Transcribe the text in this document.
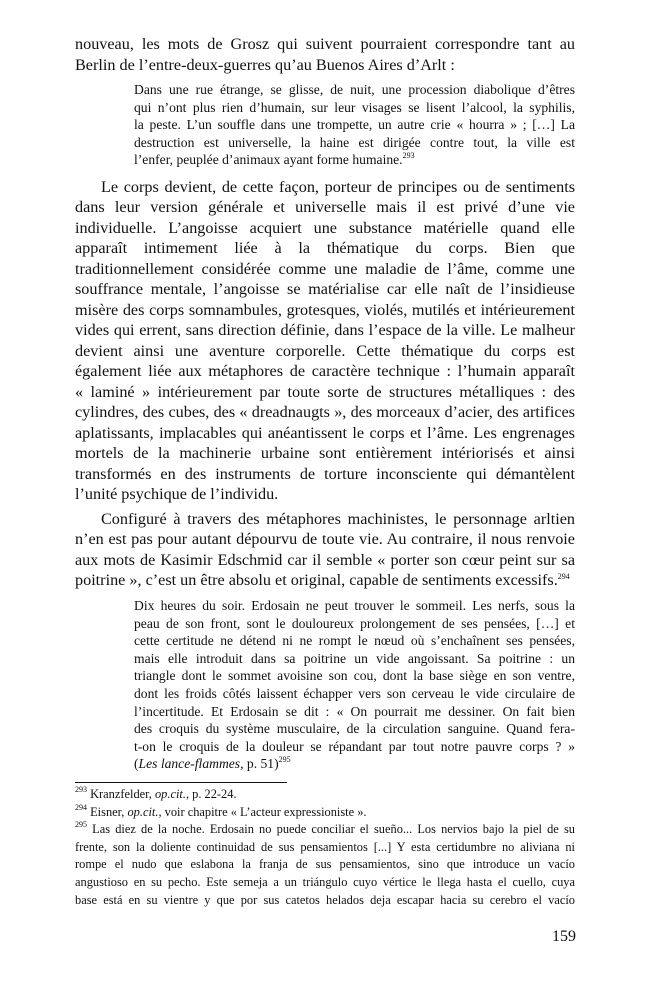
nouveau, les mots de Grosz qui suivent pourraient correspondre tant au
Berlin de l’entre-deux-guerres qu’au Buenos Aires d’Arlt :
Dans une rue étrange, se glisse, de nuit, une procession diabolique d’êtres
qui n’ont plus rien d’humain, sur leur visages se lisent l’alcool, la syphilis,
la peste. L’un souffle dans une trompette, un autre crie « hourra » ; […] La
destruction est universelle, la haine est dirigée contre tout, la ville est
l’enfer, peuplée d’animaux ayant forme humaine.$^{293}$
Le corps devient, de cette façon, porteur de principes ou de sentiments
dans leur version générale et universelle mais il est privé d’une vie
individuelle. L’angoisse acquiert une substance matérielle quand elle
apparaît intimement liée à la thématique du corps. Bien que
traditionnellement considérée comme une maladie de l’âme, comme une
souffrance mentale, l’angoisse se matérialise car elle naît de l’insidieuse
misère des corps somnambules, grotesques, violés, mutilés et intérieurement
vides qui errent, sans direction définie, dans l’espace de la ville. Le malheur
devient ainsi une aventure corporelle. Cette thématique du corps est
également liée aux métaphores de caractère technique : l’humain apparaît
« laminé » intérieurement par toute sorte de structures métalliques : des
cylindres, des cubes, des « dreadnaugts », des morceaux d’acier, des artifices
aplatissants, implacables qui anéantissent le corps et l’âme. Les engrenages
mortels de la machinerie urbaine sont entièrement intériorisés et ainsi
transformés en des instruments de torture inconsciente qui démantèlent
l’unité psychique de l’individu.
Configuré à travers des métaphores machinistes, le personnage arltien
n’en est pas pour autant dépourvu de toute vie. Au contraire, il nous renvoie
aux mots de Kasimir Edschmid car il semble « porter son cœur peint sur sa
poitrine », c’est un être absolu et original, capable de sentiments excessifs.$^{294}$
Dix heures du soir. Erdosain ne peut trouver le sommeil. Les nerfs, sous la
peau de son front, sont le douloureux prolongement de ses pensées, […] et
cette certitude ne détend ni ne rompt le nœud où s’enchaînent ses pensées,
mais elle introduit dans sa poitrine un vide angoissant. Sa poitrine : un
triangle dont le sommet avoisine son cou, dont la base siège en son ventre,
dont les froids côtés laissent échapper vers son cerveau le vide circulaire de
l’incertitude. Et Erdosain se dit : « On pourrait me dessiner. On fait bien
des croquis du système musculaire, de la circulation sanguine. Quand fera-
t-on le croquis de la douleur se répandant par tout notre pauvre corps ? »
(Les lance-flammes, p. 51)$^{295}$
$^{293}$ Kranzfelder, op.cit., p. 22-24.
$^{294}$ Eisner, op.cit., voir chapitre « L’acteur expressioniste ».
$^{295}$ Las diez de la noche. Erdosain no puede conciliar el sueño... Los nervios bajo la piel de su
frente, son la doliente continuidad de sus pensamientos [...] Y esta certidumbre no aliviana ni
rompe el nudo que eslabona la franja de sus pensamientos, sino que introduce un vacío
angustioso en su pecho. Este semeja a un triángulo cuyo vértice le llega hasta el cuello, cuya
base está en su vientre y que por sus catetos helados deja escapar hacia su cerebro el vacío
159
